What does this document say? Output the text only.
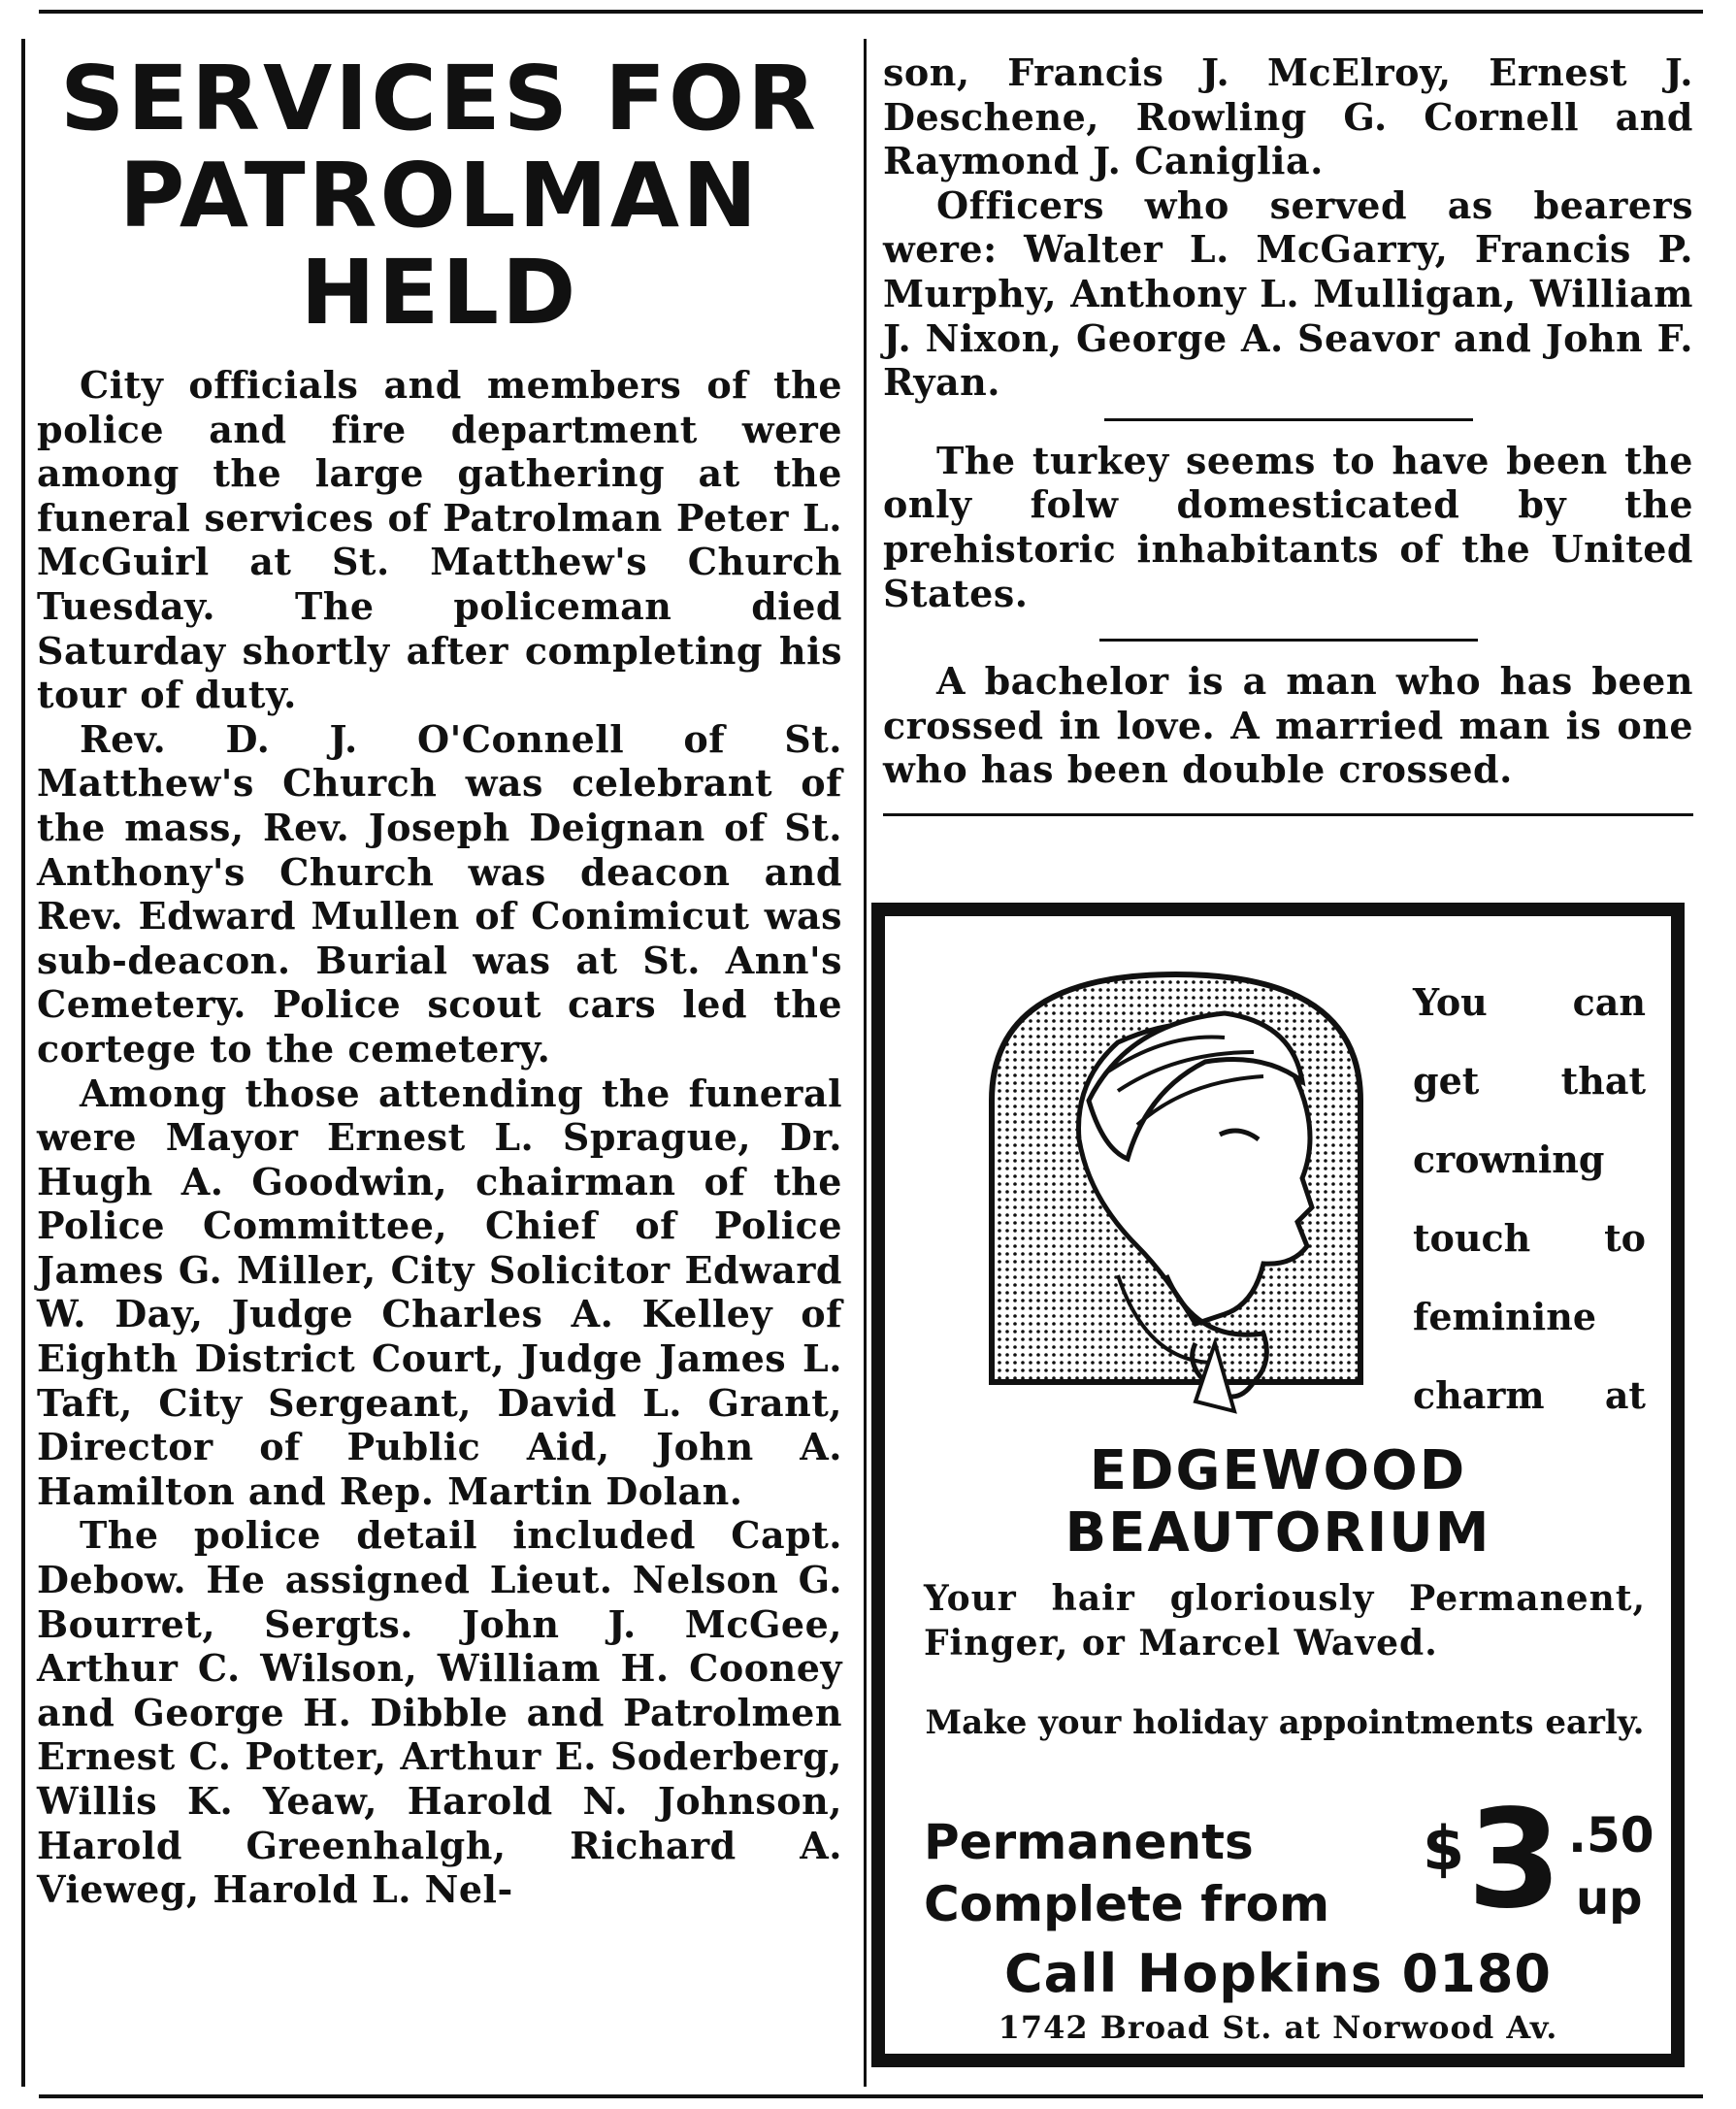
SERVICES FOR
PATROLMAN
HELD

City officials and members of the police and fire department were among the large gathering at the funeral services of Patrolman Peter L. McGuirl at St. Matthew's Church Tuesday. The policeman died Saturday shortly after completing his tour of duty.

Rev. D. J. O'Connell of St. Matthew's Church was celebrant of the mass, Rev. Joseph Deignan of St. Anthony's Church was deacon and Rev. Edward Mullen of Conimicut was sub-deacon. Burial was at St. Ann's Cemetery. Police scout cars led the cortege to the cemetery.

Among those attending the funeral were Mayor Ernest L. Sprague, Dr. Hugh A. Goodwin, chairman of the Police Committee, Chief of Police James G. Miller, City Solicitor Edward W. Day, Judge Charles A. Kelley of Eighth District Court, Judge James L. Taft, City Sergeant, David L. Grant, Director of Public Aid, John A. Hamilton and Rep. Martin Dolan.

The police detail included Capt. Debow. He assigned Lieut. Nelson G. Bourret, Sergts. John J. McGee, Arthur C. Wilson, William H. Cooney and George H. Dibble and Patrolmen Ernest C. Potter, Arthur E. Soderberg, Willis K. Yeaw, Harold N. Johnson, Harold Greenhalgh, Richard A. Vieweg, Harold L. Nel-

son, Francis J. McElroy, Ernest J. Deschene, Rowling G. Cornell and Raymond J. Caniglia.

Officers who served as bearers were: Walter L. McGarry, Francis P. Murphy, Anthony L. Mulligan, William J. Nixon, George A. Seavor and John F. Ryan.

The turkey seems to have been the only folw domesticated by the prehistoric inhabitants of the United States.

A bachelor is a man who has been crossed in love. A married man is one who has been double crossed.

You can

get that

crowning

touch to

feminine

charm at

EDGEWOOD
BEAUTORIUM
Your hair gloriously Permanent, Finger, or Marcel Waved.
Make your holiday appointments early.
Permanents
Complete from
$ 3 .50
up
Call Hopkins 0180
1742 Broad St. at Norwood Av.
